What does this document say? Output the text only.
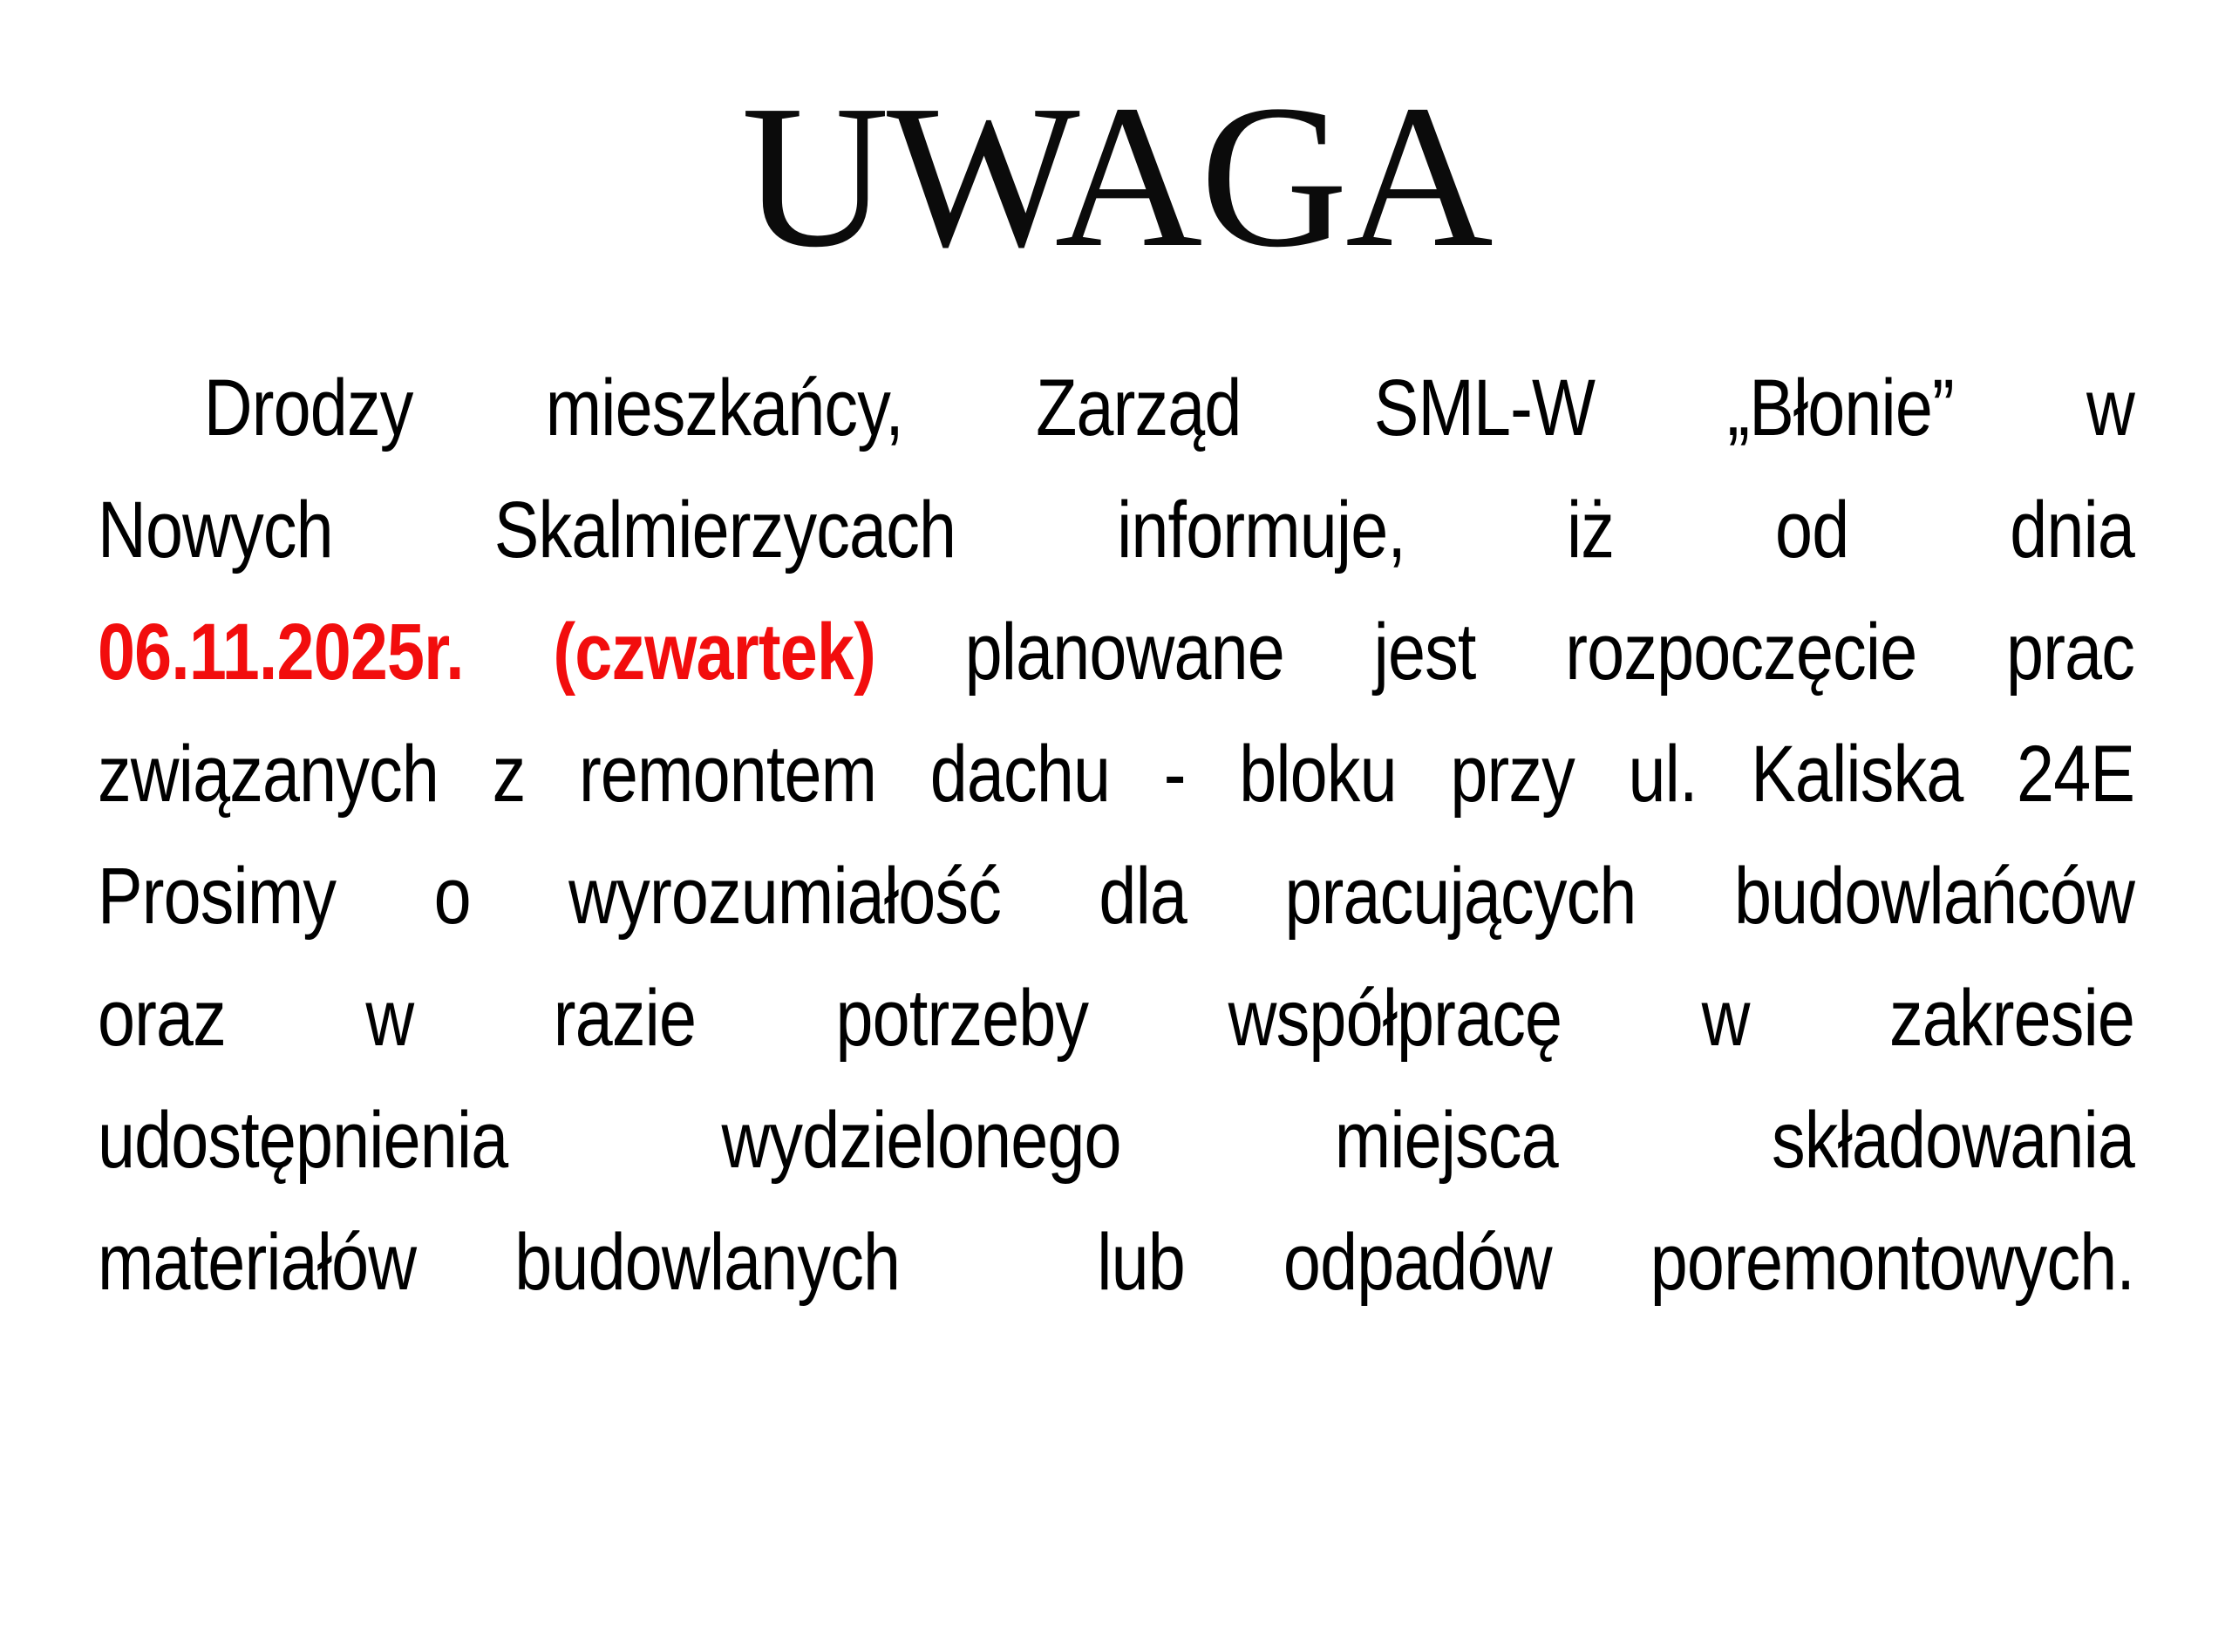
UWAGA
Drodzy mieszkańcy, Zarząd SML-W „Błonie” w
Nowych Skalmierzycach informuje, iż od dnia
06.11.2025r. (czwartek) planowane jest rozpoczęcie prac
związanych z remontem dachu - bloku przy ul. Kaliska 24E
Prosimy o wyrozumiałość dla pracujących budowlańców
oraz w razie potrzeby współpracę w zakresie
udostępnienia wydzielonego miejsca składowania
materiałów budowlanych  lub odpadów poremontowych.
